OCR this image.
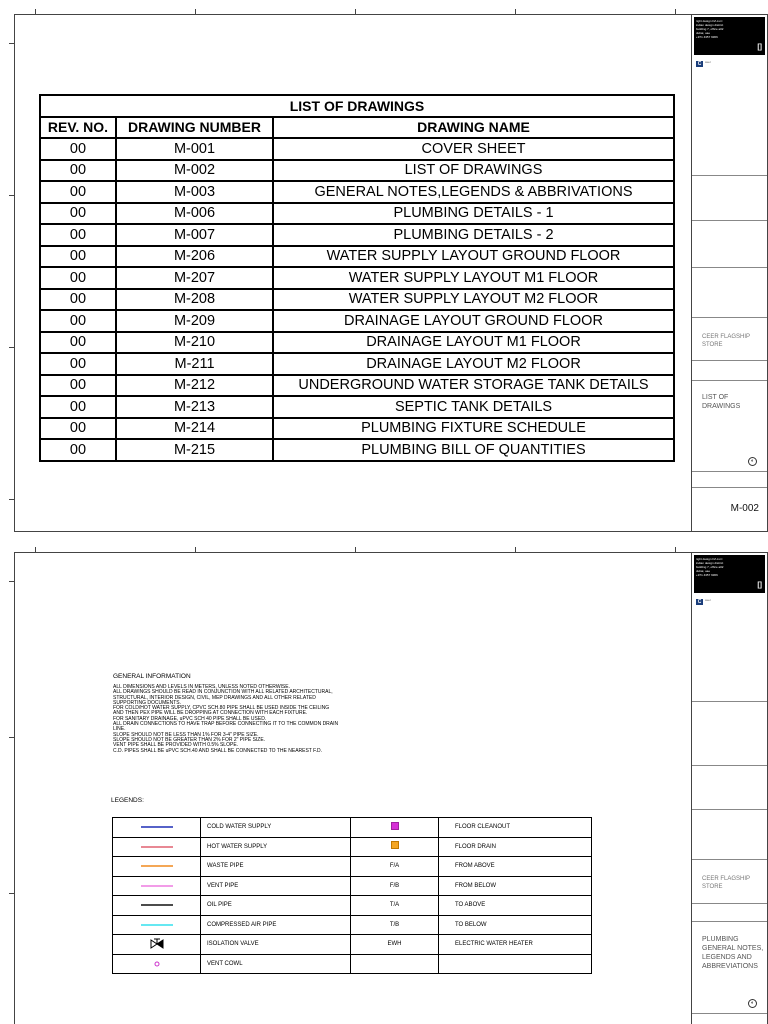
LIST OF DRAWINGS		
REV. NO.	DRAWING NUMBER	DRAWING NAME
00	M-001	COVER SHEET
00	M-002	LIST OF DRAWINGS
00	M-003	GENERAL NOTES,LEGENDS & ABBRIVATIONS
00	M-006	PLUMBING DETAILS - 1
00	M-007	PLUMBING DETAILS - 2
00	M-206	WATER SUPPLY LAYOUT GROUND FLOOR
00	M-207	WATER SUPPLY LAYOUT M1 FLOOR
00	M-208	WATER SUPPLY LAYOUT M2 FLOOR
00	M-209	DRAINAGE LAYOUT GROUND FLOOR
00	M-210	DRAINAGE LAYOUT M1 FLOOR
00	M-211	DRAINAGE LAYOUT M2 FLOOR
00	M-212	UNDERGROUND WATER STORAGE TANK DETAILS
00	M-213	SEPTIC TANK DETAILS
00	M-214	PLUMBING FIXTURE SCHEDULE
00	M-215	PLUMBING BILL OF QUANTITIES
right design FZ-LLC
indian design district
building 7, office a02
dubai, uae
+971 4357 9366
[]
C ceer
CEER FLAGSHIP STORE
LIST OF DRAWINGS
◐
M-002
GENERAL INFORMATION
ALL DIMENSIONS AND LEVELS IN METERS, UNLESS NOTED OTHERWISE.
ALL DRAWINGS SHOULD BE READ IN CONJUNCTION WITH ALL RELATED ARCHITECTURAL,
STRUCTURAL, INTERIOR DESIGN, CIVIL, MEP DRAWINGS AND ALL OTHER RELATED
SUPPORTING DOCUMENTS.
FOR COLD/HOT WATER SUPPLY, CPVC SCH.80 PIPE SHALL BE USED INSIDE THE CEILING
AND THEN PEX PIPE WILL BE DROPPING AT CONNECTION WITH EACH FIXTURE.
FOR SANITARY DRAINAGE, uPVC SCH 40 PIPE SHALL BE USED.
ALL DRAIN CONNECTIONS TO HAVE TRAP BEFORE CONNECTING IT TO THE COMMON DRAIN
LINE.
SLOPE SHOULD NOT BE LESS THAN 1% FOR 3-4" PIPE SIZE.
SLOPE SHOULD NOT BE GREATER THAN 2% FOR 2" PIPE SIZE.
VENT PIPE SHALL BE PROVIDED WITH 0.5% SLOPE.
C.D. PIPES SHALL BE uPVC SCH.40 AND SHALL BE CONNECTED TO THE NEAREST F.D.
LEGENDS:
	COLD WATER SUPPLY		FLOOR CLEANOUT

	HOT WATER SUPPLY		FLOOR DRAIN

	WASTE PIPE	F/A	FROM ABOVE

	VENT PIPE	F/B	FROM BELOW

	OIL PIPE	T/A	TO ABOVE

	COMPRESSED AIR PIPE	T/B	TO BELOW

	ISOLATION VALVE	EWH	ELECTRIC WATER HEATER

	VENT COWL		
right design FZ-LLC
indian design district
building 7, office a02
dubai, uae
+971 4357 9366
[]
C ceer
CEER FLAGSHIP STORE
PLUMBING GENERAL NOTES, LEGENDS AND ABBREVIATIONS
◐
